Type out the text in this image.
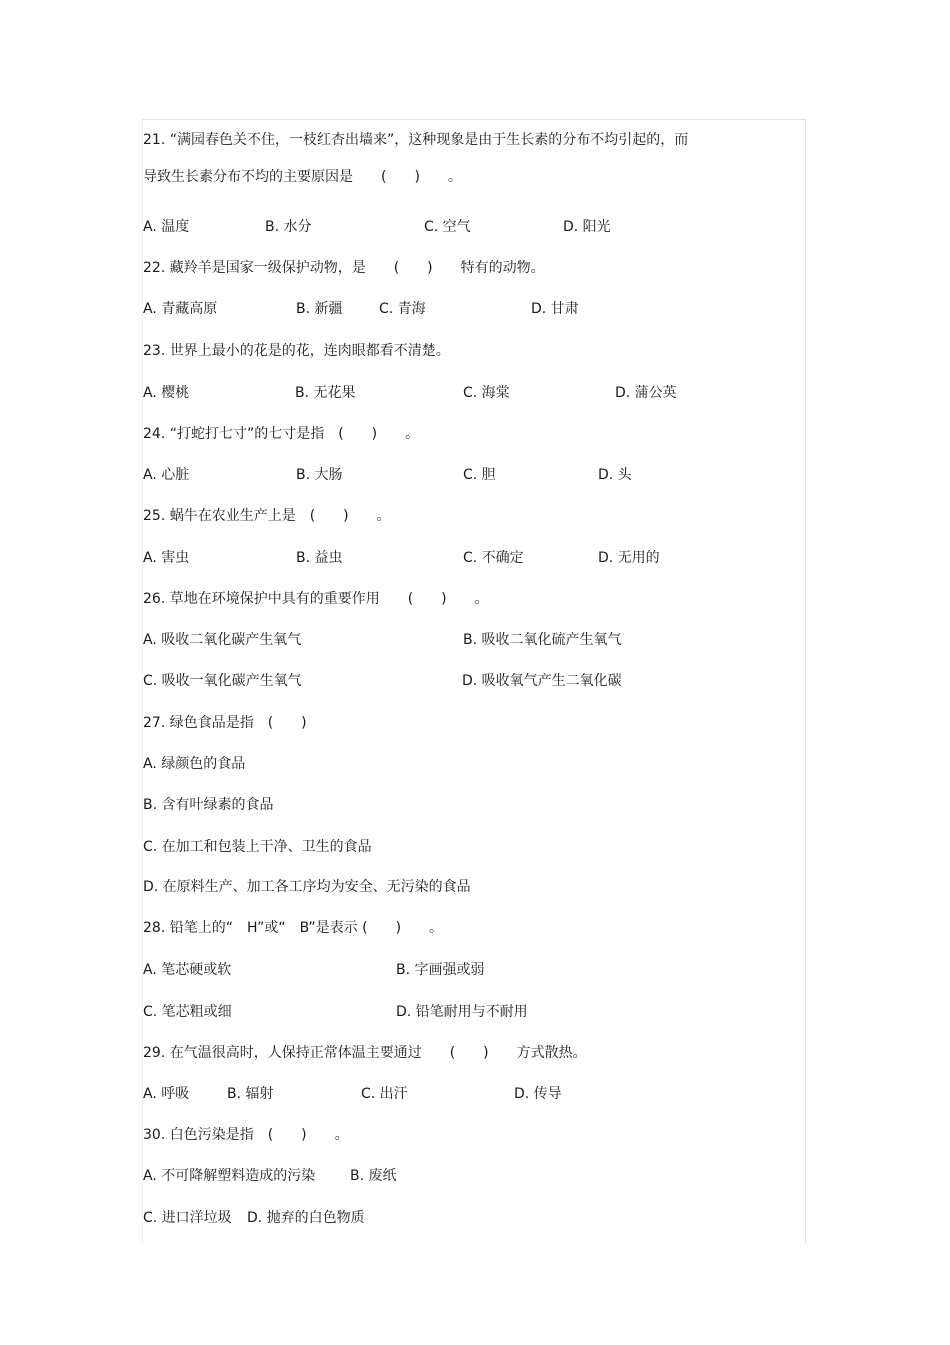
21. “满园春色关不住，一枝红杏出墙来”，这种现象是由于生长素的分布不均引起的，而
导致生长素分布不均的主要原因是　　(　　)　　。
A. 温度	B. 水分	C. 空气	D. 阳光
22. 藏羚羊是国家一级保护动物，是　　(　　)　　特有的动物。
A. 青藏高原	B. 新疆	C. 青海	D. 甘肃
23. 世界上最小的花是的花，连肉眼都看不清楚。
A. 樱桃	B. 无花果	C. 海棠	D. 蒲公英
24. “打蛇打七寸”的七寸是指　(　　)　　。
A. 心脏	B. 大肠	C. 胆	D. 头
25. 蜗牛在农业生产上是　(　　)　　。
A. 害虫	B. 益虫	C. 不确定	D. 无用的
26. 草地在环境保护中具有的重要作用　　(　　)　　。
A. 吸收二氧化碳产生氧气	B. 吸收二氧化硫产生氧气
C. 吸收一氧化碳产生氧气	D. 吸收氧气产生二氧化碳
27. 绿色食品是指　(　　)
A. 绿颜色的食品
B. 含有叶绿素的食品
C. 在加工和包装上干净、卫生的食品
D. 在原料生产、加工各工序均为安全、无污染的食品
28. 铅笔上的“　H”或“　B”是表示 (　　)　　。
A. 笔芯硬或软	B. 字画强或弱
C. 笔芯粗或细	D. 铅笔耐用与不耐用
29. 在气温很高时，人保持正常体温主要通过　　(　　)　　方式散热。
A. 呼吸	B. 辐射	C. 出汗	D. 传导
30. 白色污染是指　(　　)　　。
A. 不可降解塑料造成的污染 B. 废纸
C. 进口洋垃圾 D. 抛弃的白色物质
